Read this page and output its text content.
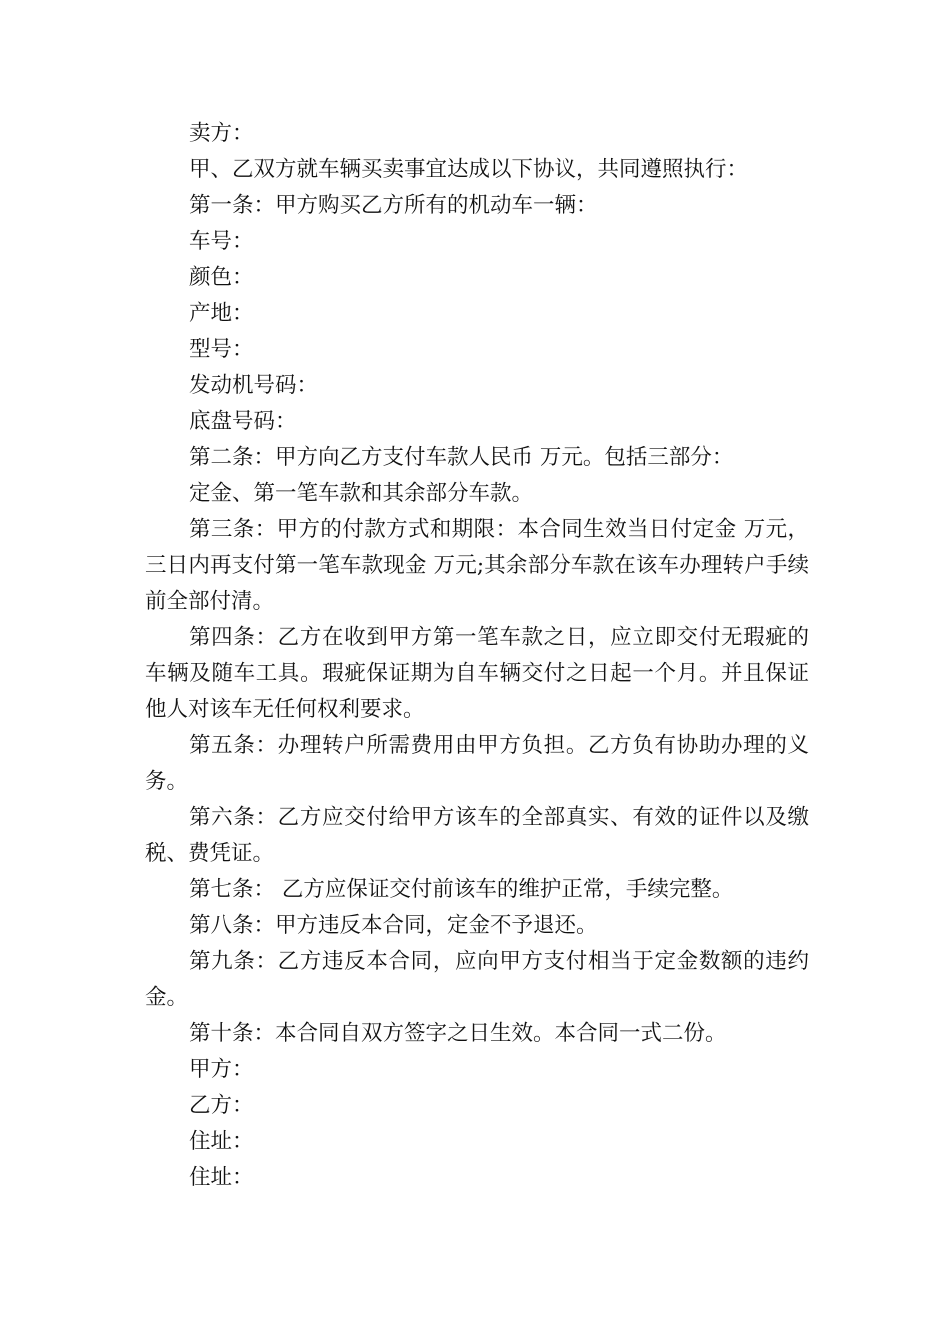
卖方：

甲、乙双方就车辆买卖事宜达成以下协议，共同遵照执行：

第一条：甲方购买乙方所有的机动车一辆：

车号：

颜色：

产地：

型号：

发动机号码：

底盘号码：

第二条：甲方向乙方支付车款人民币 万元。包括三部分：

定金、第一笔车款和其余部分车款。

第三条：甲方的付款方式和期限：本合同生效当日付定金 万元，三日内再支付第一笔车款现金 万元;其余部分车款在该车办理转户手续前全部付清。

第四条：乙方在收到甲方第一笔车款之日，应立即交付无瑕疵的车辆及随车工具。瑕疵保证期为自车辆交付之日起一个月。并且保证他人对该车无任何权利要求。

第五条：办理转户所需费用由甲方负担。乙方负有协助办理的义务。

第六条：乙方应交付给甲方该车的全部真实、有效的证件以及缴税、费凭证。

第七条： 乙方应保证交付前该车的维护正常，手续完整。

第八条：甲方违反本合同，定金不予退还。

第九条：乙方违反本合同，应向甲方支付相当于定金数额的违约金。

第十条：本合同自双方签字之日生效。本合同一式二份。

甲方：

乙方：

住址：

住址：
